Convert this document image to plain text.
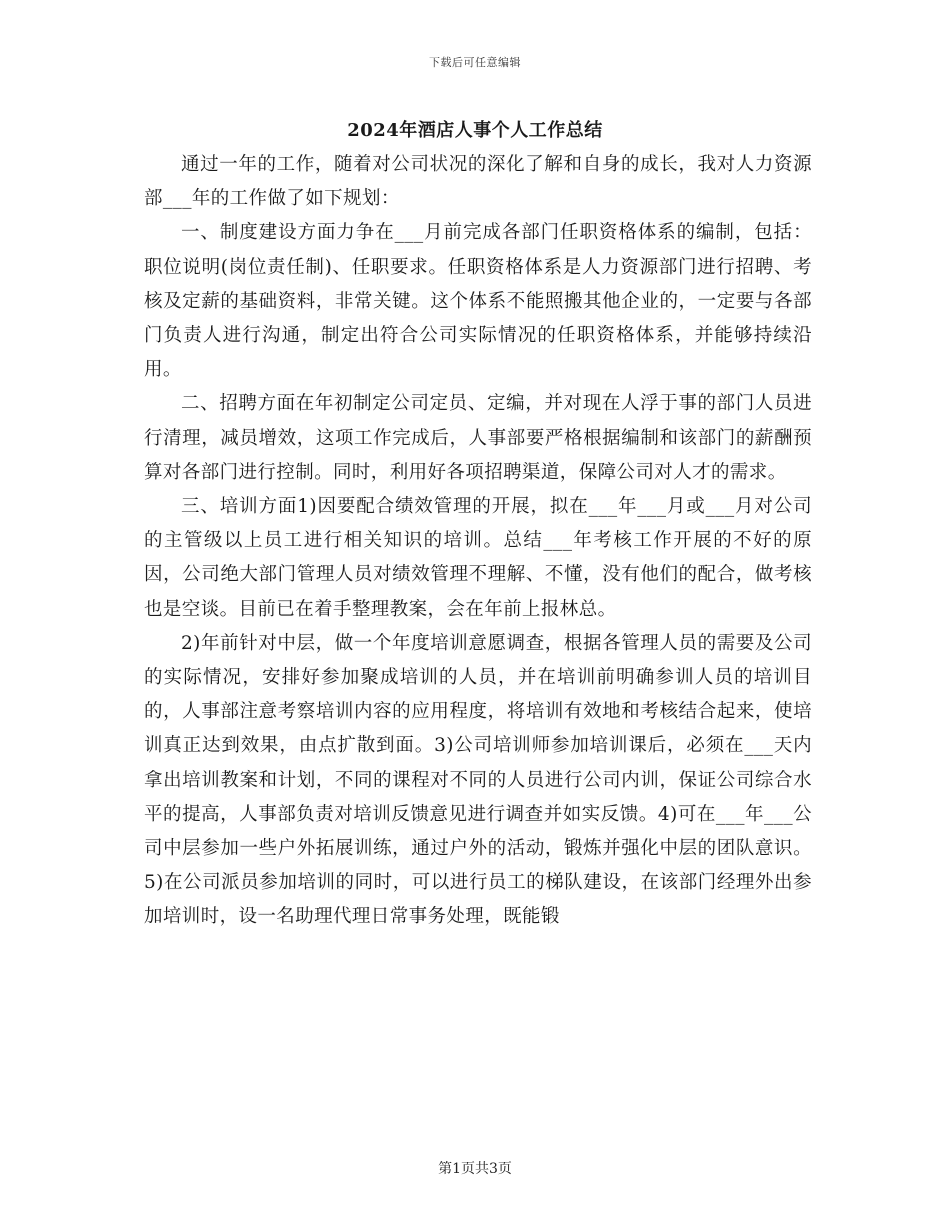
下载后可任意编辑
2024年酒店人事个人工作总结

通过一年的工作，随着对公司状况的深化了解和自身的成长，我对人力资源部___年的工作做了如下规划：

一、制度建设方面力争在___月前完成各部门任职资格体系的编制，包括：职位说明(岗位责任制)、任职要求。任职资格体系是人力资源部门进行招聘、考核及定薪的基础资料，非常关键。这个体系不能照搬其他企业的，一定要与各部门负责人进行沟通，制定出符合公司实际情况的任职资格体系，并能够持续沿用。

二、招聘方面在年初制定公司定员、定编，并对现在人浮于事的部门人员进行清理，减员增效，这项工作完成后，人事部要严格根据编制和该部门的薪酬预算对各部门进行控制。同时，利用好各项招聘渠道，保障公司对人才的需求。

三、培训方面1)因要配合绩效管理的开展，拟在___年___月或___月对公司的主管级以上员工进行相关知识的培训。总结___年考核工作开展的不好的原因，公司绝大部门管理人员对绩效管理不理解、不懂，没有他们的配合，做考核也是空谈。目前已在着手整理教案，会在年前上报林总。

2)年前针对中层，做一个年度培训意愿调查，根据各管理人员的需要及公司的实际情况，安排好参加聚成培训的人员，并在培训前明确参训人员的培训目的，人事部注意考察培训内容的应用程度，将培训有效地和考核结合起来，使培训真正达到效果，由点扩散到面。3)公司培训师参加培训课后，必须在___天内拿出培训教案和计划，不同的课程对不同的人员进行公司内训，保证公司综合水平的提高，人事部负责对培训反馈意见进行调查并如实反馈。4)可在___年___公司中层参加一些户外拓展训练，通过户外的活动，锻炼并强化中层的团队意识。5)在公司派员参加培训的同时，可以进行员工的梯队建设，在该部门经理外出参加培训时，设一名助理代理日常事务处理，既能锻

第1页共3页
